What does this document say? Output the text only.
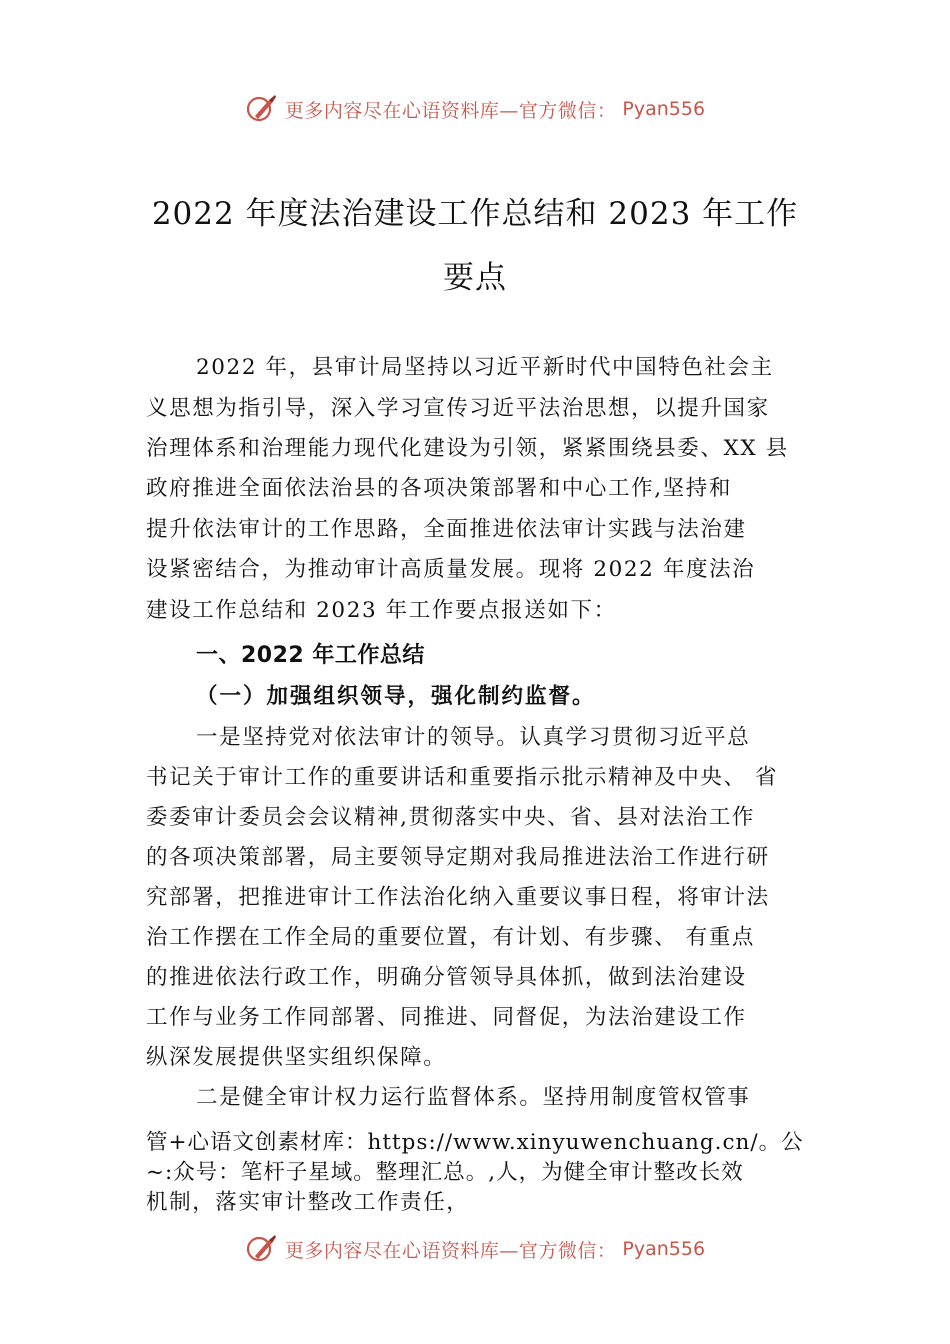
更多内容尽在心语资料库—官方微信： Pyan556
2022 年度法治建设工作总结和 2023 年工作
要点
2022 年，县审计局坚持以习近平新时代中国特色社会主
义思想为指引导，深入学习宣传习近平法治思想，以提升国家
治理体系和治理能力现代化建设为引领，紧紧围绕县委、XX 县
政府推进全面依法治县的各项决策部署和中心工作,坚持和
提升依法审计的工作思路，全面推进依法审计实践与法治建
设紧密结合，为推动审计高质量发展。现将 2022 年度法治
建设工作总结和 2023 年工作要点报送如下：
一、2022 年工作总结
（一）加强组织领导，强化制约监督。
一是坚持党对依法审计的领导。认真学习贯彻习近平总
书记关于审计工作的重要讲话和重要指示批示精神及中央、 省
委委审计委员会会议精神,贯彻落实中央、省、县对法治工作
的各项决策部署，局主要领导定期对我局推进法治工作进行研
究部署，把推进审计工作法治化纳入重要议事日程，将审计法
治工作摆在工作全局的重要位置，有计划、有步骤、 有重点
的推进依法行政工作，明确分管领导具体抓，做到法治建设
工作与业务工作同部署、同推进、同督促，为法治建设工作
纵深发展提供坚实组织保障。
二是健全审计权力运行监督体系。坚持用制度管权管事
管+心语文创素材库：https://www.xinyuwenchuang.cn/。公
~:众号：笔杆子星域。整理汇总。,人，为健全审计整改长效
机制，落实审计整改工作责任，
更多内容尽在心语资料库—官方微信： Pyan556
